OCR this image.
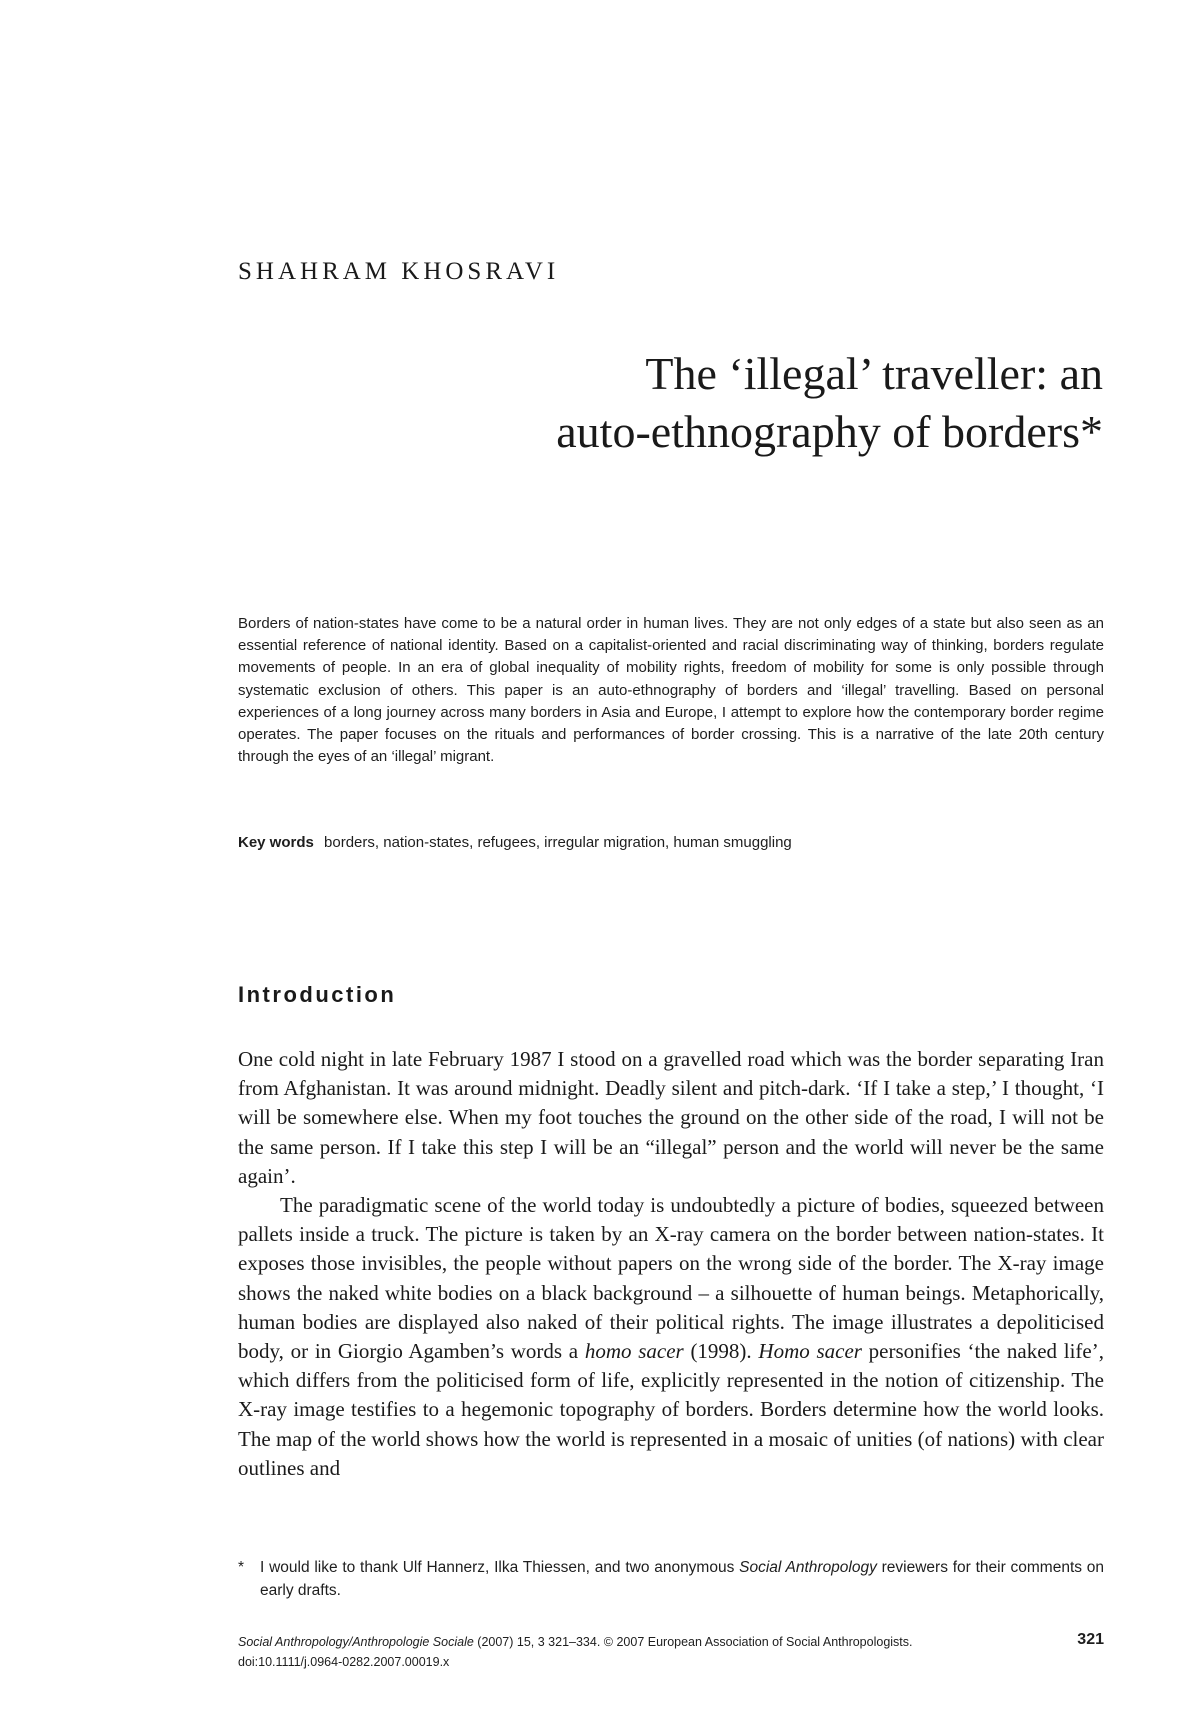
SHAHRAM KHOSRAVI
The ‘illegal’ traveller: an
auto-ethnography of borders*

Borders of nation-states have come to be a natural order in human lives. They are not only edges of a state but also seen as an essential reference of national identity. Based on a capitalist-oriented and racial discriminating way of thinking, borders regulate movements of people. In an era of global inequality of mobility rights, freedom of mobility for some is only possible through systematic exclusion of others. This paper is an auto-ethnography of borders and ‘illegal’ travelling. Based on personal experiences of a long journey across many borders in Asia and Europe, I attempt to explore how the contemporary border regime operates. The paper focuses on the rituals and performances of border crossing. This is a narrative of the late 20th century through the eyes of an ‘illegal’ migrant.

Key words borders, nation-states, refugees, irregular migration, human smuggling

Introduction

One cold night in late February 1987 I stood on a gravelled road which was the border separating Iran from Afghanistan. It was around midnight. Deadly silent and pitch-dark. ‘If I take a step,’ I thought, ‘I will be somewhere else. When my foot touches the ground on the other side of the road, I will not be the same person. If I take this step I will be an “illegal” person and the world will never be the same again’.

The paradigmatic scene of the world today is undoubtedly a picture of bodies, squeezed between pallets inside a truck. The picture is taken by an X-ray camera on the border between nation-states. It exposes those invisibles, the people without papers on the wrong side of the border. The X-ray image shows the naked white bodies on a black background – a silhouette of human beings. Metaphorically, human bodies are displayed also naked of their political rights. The image illustrates a depoliticised body, or in Giorgio Agamben’s words a homo sacer (1998). Homo sacer personifies ‘the naked life’, which differs from the politicised form of life, explicitly represented in the notion of citizenship. The X-ray image testifies to a hegemonic topography of borders. Borders determine how the world looks. The map of the world shows how the world is represented in a mosaic of unities (of nations) with clear outlines and

*	I would like to thank Ulf Hannerz, Ilka Thiessen, and two anonymous Social Anthropology reviewers for their comments on early drafts.

Social Anthropology/Anthropologie Sociale (2007) 15, 3 321–334. © 2007 European Association of Social Anthropologists.
doi:10.1111/j.0964-0282.2007.00019.x
321
